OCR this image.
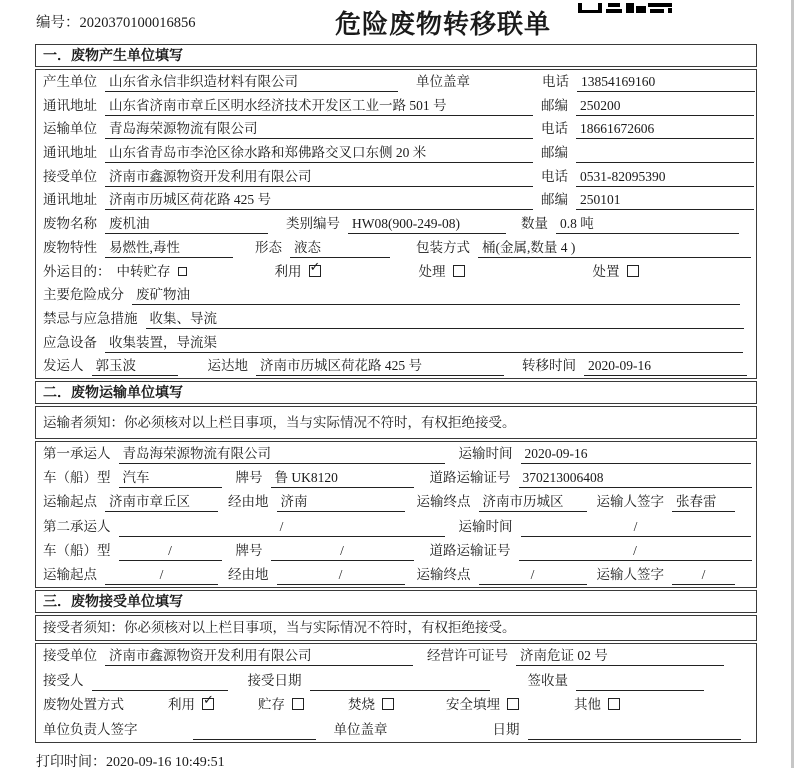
编号：2020370100016856	危险废物转移联单
一．废物产生单位填写
产生单位 山东省永信非织造材料有限公司	单位盖章	电话 13854169160
通讯地址 山东省济南市章丘区明水经济技术开发区工业一路 501 号	邮编 250200
运输单位 青岛海荣源物流有限公司	电话 18661672606
通讯地址 山东省青岛市李沧区徐水路和郑佛路交叉口东侧 20 米	邮编
接受单位 济南市鑫源物资开发利用有限公司	电话 0531-82095390
通讯地址 济南市历城区荷花路 425 号	邮编 250101
废物名称 废机油	类别编号 HW08(900-249-08)	数量 0.8 吨
废物特性 易燃性,毒性	形态 液态	包装方式 桶(金属,数量 4 )
外运目的： 中转贮存	利用 ✓	处理	处置
主要危险成分 废矿物油
禁忌与应急措施 收集、导流
应急设备 收集装置，导流渠
发运人 郭玉波	运达地 济南市历城区荷花路 425 号	转移时间 2020-09-16
二．废物运输单位填写
运输者须知：你必须核对以上栏目事项，当与实际情况不符时，有权拒绝接受。
第一承运人 青岛海荣源物流有限公司	运输时间 2020-09-16
车（船）型 汽车	牌号 鲁 UK8120	道路运输证号 370213006408
运输起点 济南市章丘区	经由地 济南	运输终点 济南市历城区 运输人签字 张春雷
第二承运人	/	运输时间	/
车（船）型	/	牌号	/	道路运输证号	/
运输起点	/	经由地	/	运输终点	/	运输人签字	/
三．废物接受单位填写
接受者须知：你必须核对以上栏目事项，当与实际情况不符时，有权拒绝接受。
接受单位 济南市鑫源物资开发利用有限公司	经营许可证号 济南危证 02 号
接受人	接受日期	签收量
废物处置方式	利用 ✓	贮存	焚烧	安全填埋	其他
单位负责人签字	单位盖章	日期
打印时间：2020-09-16 10:49:51
